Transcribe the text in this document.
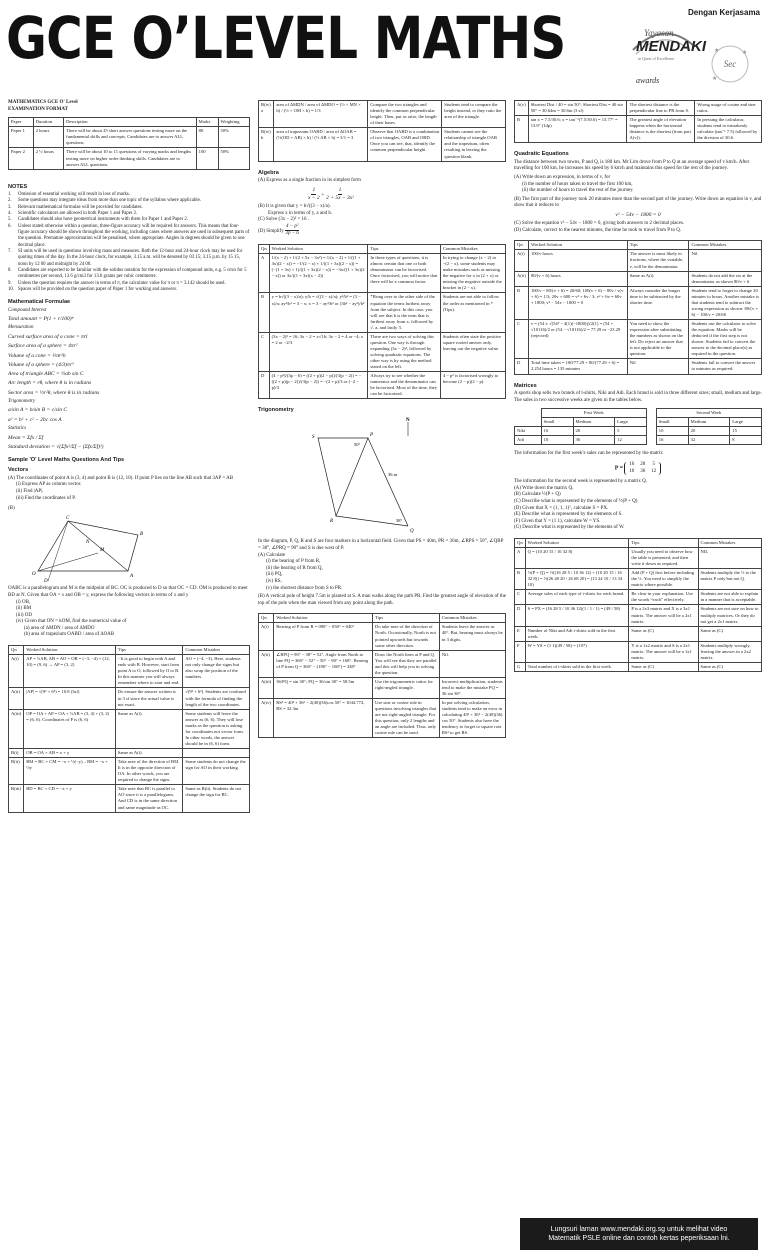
GCE O’LEVEL MATHS	Dengan Kerjasama
Yayasan
MENDAKI
in Quest of Excellence
awards
Sec
★	★
★
MATHEMATICS GCE O' Level
EXAMINATION FORMAT
Paper	Duration	Description	Marks	Weighting
Paper 1	2 hours	There will be about 25 short answer questions testing more on the fundamental skills and concepts. Candidates are to answer ALL questions.	80	50%
Paper 2	2 ½ hours	There will be about 10 to 11 questions of varying marks and lengths testing more on higher order thinking skills. Candidates are to answer ALL questions.	100	50%
NOTES
1.	Omission of essential working will result in loss of marks.
2.	Some questions may integrate ideas from more than one topic of the syllabus where applicable.
3.	Relevant mathematical formulae will be provided for candidates.
4.	Scientific calculators are allowed in both Paper 1 and Paper 2.
5.	Candidates should also have geometrical instruments with them for Paper 1 and Paper 2.
6.	Unless stated otherwise within a question, three-figure accuracy will be required for answers. This means that four-figure accuracy should be shown throughout the working, including cases where answers are used in subsequent parts of the question. Premature approximation will be penalised, where appropriate. Angles in degrees should be given to one decimal place.
7.	SI units will be used in questions involving mass and measures. Both the 12-hour and 24-hour clock may be used for quoting times of the day. In the 24-hour clock, for example, 3.15 a.m. will be denoted by 03 15; 3.15 p.m. by 15 15, noon by 12 00 and midnight by 24 00.
8.	Candidates are expected to be familiar with the solidus notation for the expression of compound units, e.g. 5 cm/s for 5 centimetres per second, 13.6 g/cm3 for 13.6 grams per cubic centimetre.
9.	Unless the question requires the answer in terms of π, the calculator value for π or π = 3.142 should be used.
10. Spaces will be provided on the question paper of Paper 1 for working and answers.
Mathematical Formulae
Compound Interest
Total amount = P(1 + r/100)ⁿ
Mensuration
Curved surface area of a cone = πrl
Surface area of a sphere = 4πr²
Volume of a cone = ⅓πr²h
Volume of a sphere = (4/3)πr³
Area of triangle ABC = ½ab sin C
Arc length = rθ, where θ is in radians
Sector area = ½r²θ, where θ is in radians
Trigonometry
a/sin A = b/sin B = c/sin C
a² = b² + c² − 2bc cos A
Statistics
Mean = Σfx / Σf
Standard deviation = √(Σfx²/Σf − (Σfx/Σf)²)
Sample 'O' Level Maths Questions And Tips
Vectors
(A) The coordinates of point A is (3, 4) and point B is (12, 10). If point P lies on the line AB such that 3AP = AB
(i) Express AP as column vector.
(ii) Find |AP|.
(iii) Find the coordinates of P.
(B)
O	A
B
C
D
M
N
OABC is a parallelogram and M is the midpoint of BC. OC is produced to D so that OC = CD. OM is produced to meet BD at N. Given that OA = x and OB = y, express the following vectors in terms of x and y
(i) OB,
(ii) BM
(iii) OD
(iv) Given that ON = kOM, find the numerical value of
(a) area of ΔMDN / area of ΔMDO
(b) area of trapezium OABD / area of ΔOAB
Qn	Worked Solution	Tips	Common Mistakes
A(i)	AP = ⅓AB, AB = AO + OB = (−3, −4) + (12, 10) = (9, 6) → AP = (3, 2)	- It is good to begin with A and ends with B. However, start from point A to O, followed by O to B. In this manner you will always remember where to start and end.	AO = (−4, −3). Here, students not only change the signs but also swap the position of the numbers.
A(ii)	|AP| = √(9² + 6²) = 10.8 (3sf)	Do ensure the answer written is in 3 sf since the actual value is not exact.	√(9² + 6²). Students are confused with the formula of finding the length of the two coordinates.
A(iii)	OP = OA + AP = OA + ⅓AB = (3, 4) + (3, 2) = (6, 6). Coordinates of P is (6, 6)	Same as A(i).	Some students will leave the answer as (6, 6). They will lose marks as the question is asking for coordinates not vector form. In other words, the answer should be in (6, 6) form.
B(i)	OB = OA + AB = x + y	Same as A(i).	
B(ii)	BM = BC + CM = −x + ½(−y)... BM = −x + ½y	Take note of the direction of BM. It is in the opposite direction of OA. In other words, you are required to change the signs.	Some students do not change the sign for AO in their working.
B(iii)	BD = BC + CD = −x + y	Take note that BC is parallel to AO since it is a parallelogram. And CD is in the same direction and same magnitude as OC.	Same as B(ii). Students do not change the sign for BC.
B(iv) a	area of ΔMDN / area of ΔMDO = (½ × MN × h) / (½ × OM × h) = 1/3	Compare the two triangles and identify the common perpendicular height. Then, put as ratio, the length of their bases.	Students tend to compare the height instead, or they ratio the area of the triangle.
B(iv) b	area of trapezium OABD / area of ΔOAB = (½(OD + AB) × h) / (½ AB × h) = 3/1 = 3	Observe that OABD is a combination of two triangles, OAB and OBD. Once you can see, that, identify the common perpendicular height.	Students cannot see the relationship of triangle OAB and the trapezium, often resulting in leaving the question blank.
Algebra
(A) Express as a single fraction in its simplest form
$\frac{1}{x - 2} + \frac{1}{\text{2 + 5x − 3x²}}$
(B) It is given that y = b√((3 − x)/a).
Express x in terms of y, a and b.
(C) Solve (3x − 2)² = 16 .
(D) Simplify $\frac{\text{4 − p²}}{3p - 6}$
Qn	Worked Solution	Tips	Common Mistakes
A	1/(x − 2) + 1/(2 + 5x − 3x²) = 1/(x − 2) + 1/((1 + 3x)(2 − x)) = −1/(2 − x) + 1/((1 + 3x)(2 − x)) = (−(1 + 3x) + 1)/((1 + 3x)(2 − x)) = −3x/((1 + 3x)(2 − x)) or 3x/((1 + 3x)(x − 2))	In these types of questions, it is almost certain that one or both denominator can be factorised. Once factorised, you will notice that there will be a common factor.	In trying to change (x − 2) to −(2 − x), some students may make mistakes such as missing the negative for x in (2 + x) or missing the negative outside the bracket in (2 − x).
B	y = b√((3 − x)/a); y/b = √((3 − x)/a); y²/b² = (3 − x)/a; ay²/b² = 3 − x; x = 3 − ay²/b² or (3b² − ay²)/b²	*Bring over to the other side of the equation the terms furthest away from the subject. In this case, you will see that b is the term that is furthest away from x, followed by √, a, and lastly 3.	Students are not able to follow the order as mentioned in *(Tips).
C	(3x − 2)² = 16; 3x − 2 = ±√16; 3x − 2 = 4 or −4; x = 2 or −2/3	There are two ways of solving this question. One way is through expanding (3x − 2)², followed by solving quadratic equations. The other way is by using the method stated on the left.	Students often state the positive square rooted answer only, leaving out the negative value.
D	(4 − p²)/(3p − 6) = ((2 + p)(2 − p))/(3(p − 2)) = −((2 + p)(p − 2))/(3(p − 2)) = −(2 + p)/3 or (−2 − p)/3	Always try to see whether the numerator and the denominator can be factorised. Most of the time, they can be factorised.	4 − p² is factorised wrongly to become (2 − p)(2 − p).
Trigonometry
N
S	P
R
Q
50°
36 m
38°
In the diagram, P, Q, R and S are four markers in a horizontal field. Given that PS = 40m, PR = 36m, ∠RPS = 50°, ∠QRP = 38°, ∠PRQ = 90° and S is due west of P.
(A) Calculate
(i) the bearing of P from R,
(ii) the bearing of R from Q,
(iii) PQ,
(iv) RS,
(v) the shortest distance from S to PR.
(B) A vertical pole of height 7.5m is planted at S. A man walks along the path PR. Find the greatest angle of elevation of the top of the pole when the man viewed from any point along the path.
Qn	Worked Solution	Tips	Common Mistakes
A(i)	Bearing of P from R = 090° − 050° = 040°	Do take note of the direction of North. Occasionally, North is not pointed upwards but towards some other direction.	Students leave the answer as 40°. But, bearing must always be in 3 digits.
A(ii)	∠RPQ = 90° − 38° = 52°. Angle from North to line PQ = 360° − 52° − 50° − 90° = 168°. Bearing of P from Q = 360° − (180° − 168°) = 348°	Draw the North lines at P and Q. You will see that they are parallel and this will help you in solving the question.	Nil.
A(iii)	36/PQ = sin 38°; PQ = 36/sin 38° = 58.5m	Use the trigonometric ratios for right-angled triangle.	Incorrect multiplication, students tend to make the mistake PQ = 36 sin 38°.
A(iv)	RS² = 40² + 36² − 2(40)(36)cos 50° = 1044.772; RS = 32.3m	Use sine or cosine rule in questions involving triangles that are not right-angled triangle. For this question, only 2 lengths and an angle are included. Thus, only cosine rule can be used.	In put solving calculation, students tend to make an error in calculating 40² + 36² − 2(40)(36) cos 50°. Students also have the tendency to forget to square root RS² to get RS.
A(v)	Shortest Dist / 40 = sin 50°; Shortest Dist = 40 sin 50° = 30.64m = 30.6m (3 sf)	The shortest distance is the perpendicular line to PR from S.	Wrong usage of cosine and sine ratios.
B	tan x = 7.5/30.6; x = tan⁻¹(7.5/30.6) = 13.77° = 13.8° (1dp)	The greatest angle of elevation happens when the horizontal distance is the shortest (from part A(v)).	In pressing the calculator, students tend to mistakenly calculate (tan⁻¹ 7.5) followed by the division of 30.6.
Quadratic Equations
The distance between two towns, P and Q, is 180 km. Mr Lim drove from P to Q at an average speed of v km/h. After travelling for 100 km, he increases his speed by 6 km/h and maintains this speed for the rest of the journey.
(A) Write down an expression, in terms of v, for
(i) the number of hours taken to travel the first 100 km,
(ii) the number of hours to travel the rest of the journey.
(B) The first part of the journey took 20 minutes more than the second part of the journey. Write down an equation in v, and show that it reduces to
v² − 54v − 1800 = 0
(C) Solve the equation v² − 54v − 1800 = 0, giving both answers to 2 decimal places.
(D) Calculate, correct to the nearest minutes, the time he took to travel from P to Q.
Qn	Worked Solution	Tips	Common Mistakes
A(i)	100/v hours	The answer is most likely in fractions, where the variable, v, will be the denominator.	Nil
A(ii)	80/(v + 6) hours	Same as A(i)	Students do not add the six at the denominator as shown 80/v + 6
B	100/v − 80/(v + 6) = 20/60; 100(v + 6) − 80v / v(v + 6) = 1/3; 20v + 600 = v² + 6v / 3; v² + 6v = 60v + 1800; v² − 54v − 1800 = 0	Always consider the longer time to be subtracted by the shorter time.	Students tend to forget to change 20 minutes to hours. Another mistake is that students tend to subtract the wrong expression as shown: 80/(v + 6) − 100/v = 20/60
C	v = (54 ± √(54² − 4(1)(−1800)))/2(1) = (54 + √10116)/2 or (54 − √10116)/2 = 77.29 or −23.29 (rejected)	You need to show the expression after substituting the numbers as shown on the left. Do reject an answer that is not applicable to the question.	Students use the calculator to solve the equation. Marks will be deducted if the first step is not shown. Students fail to convert the answer to the decimal place(s) as required in the question.
D	Total time taken = 100/77.29 + 80/(77.29 + 6) = 2.254 hours = 135 minutes	Nil	Students fail to convert the answer to minutes as required.
Matrices
A sports shop sells two brands of t-shirts, Niki and Adi. Each brand is sold in three different sizes; small, medium and large. The sales in two successive weeks are given in the tables below.
	First Week				Second Week		
	Small	Medium	Large		Small	Medium	Large
Niki	16	28	5		10	20	15
Adi	10	36	12		16	32	8
The information for the first week’s sales can be represented by the matrix
P =
16	28	5
10	36	12
The information for the second week is represented by a matrix Q.
(A) Write down the matrix Q.
(B) Calculate ½(P + Q)
(C) Describe what is represented by the elements of ½(P + Q)
(D) Given that X = (1, 1, 1)ᵀ, calculate S = PX.
(E) Describe what is represented by the elements of S.
(F) Given that Y = (1 1), calculate W = YS.
(G) Describe what is represented by the elements of W.
Qn	Worked Solution	Tips	Common Mistakes
A	Q = (10 20 15 / 16 32 8)	Usually you need to observe how the table is presented, and then write it down as required.	NIL
B	½(P + Q) = ½[(16 28 5 / 10 36 12) + (10 20 15 / 16 32 8)] = ½(26 48 20 / 26 68 20) = (13 24 10 / 13 34 10)	Add (P + Q) first before including the ½. You need to simplify the matrix where possible.	Students multiply the ½ to the matrix P only but not Q.
C	Average sales of each type of t-shirts for each brand.	Be clear in your explanation. Use the words “each” effectively.	Students are not able to explain in a manner that is acceptable.
D	S = PX = (16 28 5 / 10 36 12)(1 / 1 / 1) = (49 / 58)	P is a 2x3 matrix and X is a 3x1 matrix. The answer will be a 2x1 matrix.	Students are not sure on how to multiply matrices. Or they do not get a 2x1 matrix.
E	Number of Niki and Adi t-shirts sold in the first week.	Same as (C)	Same as (C)
F	W = YS = (1 1)(49 / 58) = (107)	Y is a 1x2 matrix and S is a 2x1 matrix. The answer will be a 1x1 matrix.	Students multiply wrongly, leaving the answer in a 2x2 matrix.
G	Total number of t-shirts sold in the first week.	Same as (C)	Same as (C)
Lungsuri laman www.mendaki.org.sg untuk melihat video
Matematik PSLE online dan contoh kertas peperiksaan lni.
